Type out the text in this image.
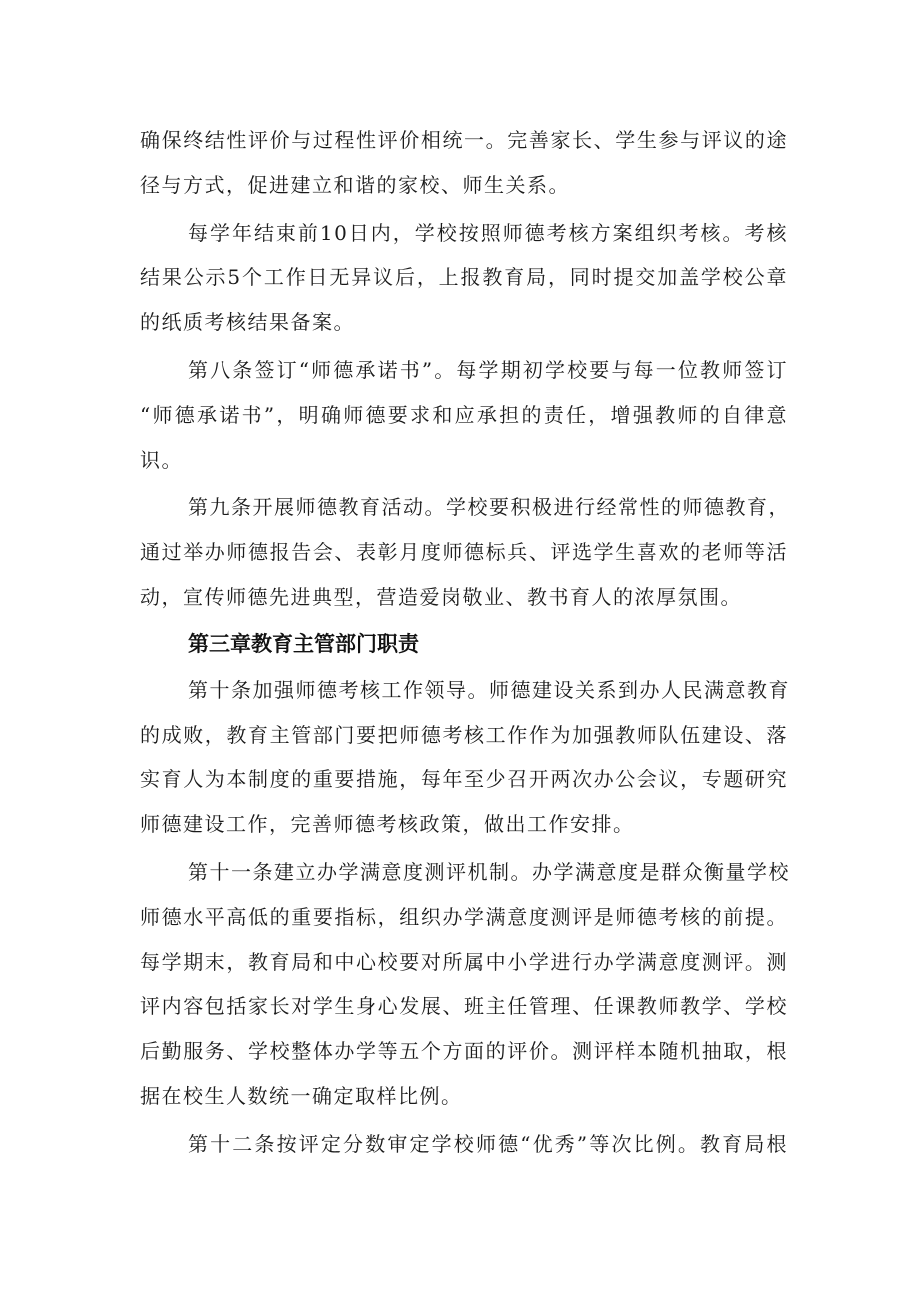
确保终结性评价与过程性评价相统一。完善家长、学生参与评议的途
径与方式，促进建立和谐的家校、师生关系。
每学年结束前10日内，学校按照师德考核方案组织考核。考核
结果公示5个工作日无异议后，上报教育局，同时提交加盖学校公章
的纸质考核结果备案。
第八条签订“师德承诺书”。每学期初学校要与每一位教师签订
“师德承诺书”，明确师德要求和应承担的责任，增强教师的自律意
识。
第九条开展师德教育活动。学校要积极进行经常性的师德教育，
通过举办师德报告会、表彰月度师德标兵、评选学生喜欢的老师等活
动，宣传师德先进典型，营造爱岗敬业、教书育人的浓厚氛围。
第三章教育主管部门职责
第十条加强师德考核工作领导。师德建设关系到办人民满意教育
的成败，教育主管部门要把师德考核工作作为加强教师队伍建设、落
实育人为本制度的重要措施，每年至少召开两次办公会议，专题研究
师德建设工作，完善师德考核政策，做出工作安排。
第十一条建立办学满意度测评机制。办学满意度是群众衡量学校
师德水平高低的重要指标，组织办学满意度测评是师德考核的前提。
每学期末，教育局和中心校要对所属中小学进行办学满意度测评。测
评内容包括家长对学生身心发展、班主任管理、任课教师教学、学校
后勤服务、学校整体办学等五个方面的评价。测评样本随机抽取，根
据在校生人数统一确定取样比例。
第十二条按评定分数审定学校师德“优秀”等次比例。教育局根
